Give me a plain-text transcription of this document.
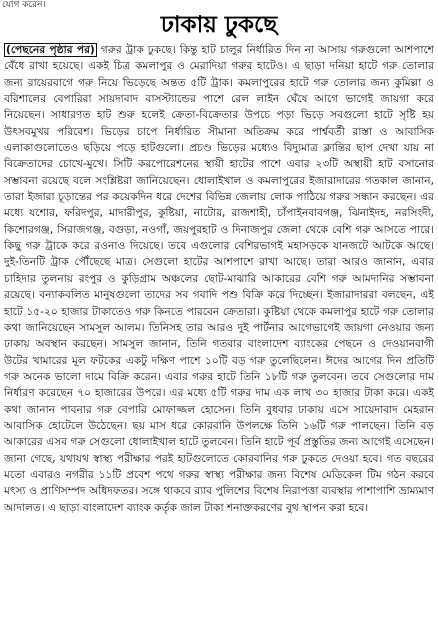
যোগ করেন।
ঢাকায় ঢুকছে
(পেছনের পৃষ্ঠার পর) গরুর ট্রাক ঢুকছে। কিন্তু হাট চালুর নির্ধারিত দিন না আসায় গরুগুলো আশপাশে বেঁধে রাখা হয়েছে। একই চিত্র কমলাপুর ও মেরাদিয়া গরুর হাটেও। এ ছাড়া দনিয়া হাটে গরু তোলার জন্য রায়েরবাগে গরু নিয়ে ভিড়েছে অন্তত ৫টি ট্রাক। কমলাপুরের হাটে গরু তোলার জন্য কুমিল্লা ও বরিশালের বেপারিরা সায়দাবাদ বাসস্ট্যান্ডের পাশে রেল লাইন ঘেঁষে আগে ভাগেই জায়গা করে নিয়েছেন। সাধারণত হাট শুরু হলেই ক্রেতা-বিক্রেতার উপচে পড়া ভিড়ে সবগুলো হাটে সৃষ্টি হয় উৎসবমুখর পরিবেশ। ভিড়ের চাপে নির্ধারিত সীমানা অতিক্রম করে পার্শ্ববর্তী রাস্তা ও আবাসিক এলাকাগুলোতেও ছড়িয়ে পড়ে হাটগুলো। প্রচণ্ড ভিড়ের মধ্যেও বিদ্যুমাত্র ক্লান্তির ছাপ দেখা যায় না বিক্রেতাদের চোখে-মুখে। সিটি করপোরেশনের স্থায়ী হাটের পাশে এবার ২৩টি অস্থায়ী হাট বসানোর সম্ভাবনা রয়েছে বলে সংশ্লিষ্টরা জানিয়েছেন। ধোলাইখাল ও কমলাপুরের ইজারাদারের গতকাল জানান, তারা ইজারা চূড়ান্তের পর কয়েকদিন ধরে দেশের বিভিন্ন জেলায় লোক পাঠিয়ে গরুর সন্ধান করছেন। এর মধ্যে যশোর, ফরিদপুর, মাদারীপুর, কুষ্টিয়া, নাটোর, রাজশাহী, চাঁপাইনবাবগঞ্জ, ঝিনাইদহ, নরসিংদী, কিশোরগঞ্জ, সিরাজগঞ্জ, বগুড়া, নওগাঁ, জয়পুরহাট ও দিনাজপুর জেলা থেকে বেশি গরু আসতে পারে। কিছু গরু ট্রাকে করে রওনাও দিয়েছে। তবে এগুলোর বেশিরভাগই মহাসড়কে যানজটে আটকে আছে। দুই-তিনটি ট্রাক পৌঁছেছে মাত্র। সেগুলো হাটের আশপাশে রাখা আছে। তারা আরও জানান, এবার চাহিদার তুলনায় রংপুর ও কুড়িগ্রাম অঞ্চলের ছোট-মাঝারি আকারের বেশি গরু আমদানির সম্ভাবনা রয়েছে। বন্যাকবলিত মানুষগুলো তাদের সব গবাদি পশু বিক্রি করে দিচ্ছেন। ইজারাদাররা বলছেন, এই হাটে ১৫-২০ হাজার টাকাতেও গরু কিনতে পারবেন ক্রেতারা। কুষ্টিয়া থেকে কমলাপুর হাটে গরু তোলার কথা জানিয়েছেন সামসুল আলম। তিনিসহ তার আরও দুই পার্টনার আগেভাগেই জায়গা নেওয়ার জন্য ঢাকায় অবস্থান করছেন। সামসুল জানান, তিনি গতবার বাংলাদেশ ব্যাংকের পেছনে ও দেওয়ানবাগী উটের খামারের মূল ফটকের একটু দক্ষিণ পাশে ১০টি বড় গরু তুলেছিলেন। ঈদের আগের দিন প্রতিটি গরু অনেক ভালো দামে বিক্রি করেন। এবার গরুর হাটে তিনি ১৮টি গরু তুলবেন। তবে সেগুলোর দাম নির্ধারণ করেছেন ৭০ হাজারের উপরে। এর মধ্যে ৫টি গরুর দাম এক লাখ ৩০ হাজার টাকা করে। একই কথা জানান পাবনার গরু বেপারি মোফাজ্জল হোসেন। তিনি বুধবার ঢাকায় এসে সায়েদাবাদ মেহরান আবাসিক হোটেলে উঠেছেন। ছয় মাস ধরে কোরবানি উপলক্ষে তিনি ১৬টি গরু পালছেন। তিনি বড় আকারের এসব গরু সেগুলো ধোলাইখাল হাটে তুলবেন। তিনি হাটে পূর্ব প্রস্তুতির জন্য আগেই এসেছেন। জানা গেছে, যথাযথ স্বাস্থ্য পরীক্ষার পরই হাটগুলোতে কোরবানির গরু ঢুকতে দেওয়া হবে। গত বছরের মতো এবারও নগরীর ১১টি প্রবেশ পথে গরুর স্বাস্থ্য পরীক্ষার জন্য বিশেষ মেডিকেল টিম গঠন করবে মৎস্য ও প্রাণিসম্পদ অধিদফতর। সঙ্গে থাকবে র‍্যাব পুলিশের বিশেষ নিরাপত্তা ব্যবস্থার পাশাপাশি ভ্রাম্যমাণ আদালত। এ ছাড়া বাংলাদেশ ব্যাংক কর্তৃক জাল টাকা শনাক্তকরণের বুথ স্থাপন করা হবে।
